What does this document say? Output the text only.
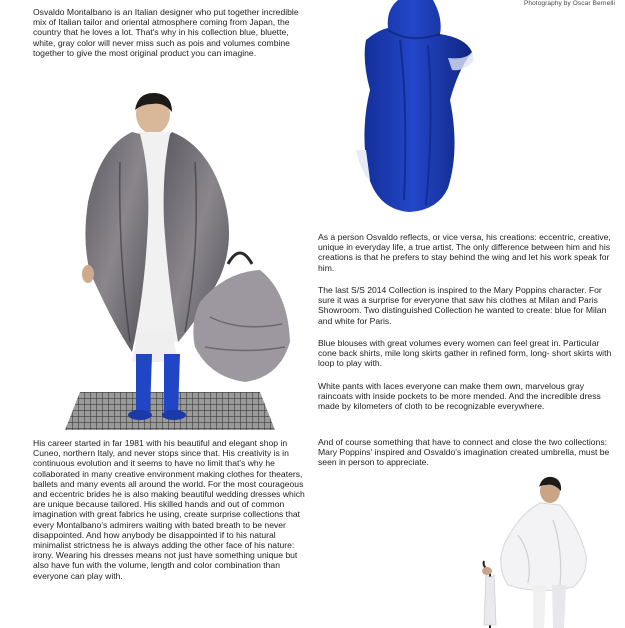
Photography by Oscar Bernelli

Osvaldo Montalbano is an Italian designer who put together incredible mix of Italian tailor and oriental atmosphere coming from Japan, the country that he loves a lot. That's why in his collection blue, bluette, white, gray color will never miss such as pois and volumes combine together to give the most original product you can imagine.

His career started in far 1981 with his beautiful and elegant shop in Cuneo, northern Italy, and never stops since that. His creativity is in continuous evolution and it seems to have no limit that's why he collaborated in many creative environment making clothes for theaters, ballets and many events all around the world. For the most courageous and eccentric brides he is also making beautiful wedding dresses which are unique because tailored. His skilled hands and out of common imagination with great fabrics he using, create surprise collections that every Montalbano's admirers waiting with bated breath to be never disappointed. And how anybody be disappointed if to his natural minimalist strictness he is always adding the other face of his nature: irony. Wearing his dresses means not just have something unique but also have fun with the volume, length and color combination than everyone can play with.

As a person Osvaldo reflects, or vice versa, his creations: eccentric, creative, unique in everyday life, a true artist. The only difference between him and his creations is that he prefers to stay behind the wing and let his work speak for him.

The last S/S 2014 Collection is inspired to the Mary Poppins character. For sure it was a surprise for everyone that saw his clothes at Milan and Paris Showroom. Two distinguished Collection he wanted to create: blue for Milan and white for Paris.

Blue blouses with great volumes every women can feel great in. Particular cone back shirts, mile long skirts gather in refined form, long- short skirts with loop to play with.

White pants with laces everyone can make them own, marvelous gray raincoats with inside pockets to be more mended. And the incredible dress made by kilometers of cloth to be recognizable everywhere.

And of course something that have to connect and close the two collections: Mary Poppins' inspired and Osvaldo's imagination created umbrella, must be seen in person to appreciate.
